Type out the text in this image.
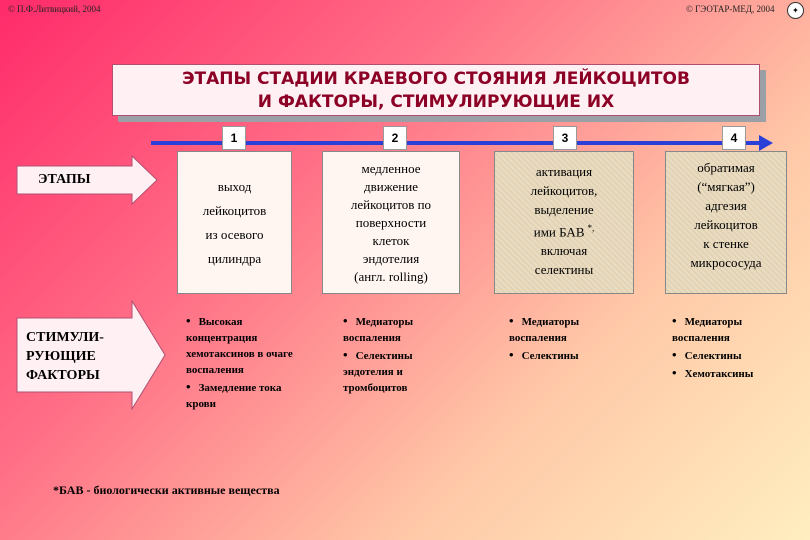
© П.Ф.Литвицкий, 2004	© ГЭОТАР-МЕД, 2004	✦
ЭТАПЫ СТАДИИ КРАЕВОГО СТОЯНИЯ ЛЕЙКОЦИТОВ
И ФАКТОРЫ, СТИМУЛИРУЮЩИЕ ИХ
1	2	3	4
ЭТАПЫ
СТИМУЛИ-
РУЮЩИЕ
ФАКТОРЫ
выход
лейкоцитов
из осевого
цилиндра
медленное
движение
лейкоцитов по
поверхности
клеток
эндотелия
(англ. rolling)
активация
лейкоцитов,
выделение
ими БАВ *,
включая
селектины
обратимая
(“мягкая”)
адгезия
лейкоцитов
к стенке
микрососуда
• Высокая концентрация хемотаксинов в очаге воспаления
• Замедление тока крови
• Медиаторы воспаления
• Селектины эндотелия и тромбоцитов
• Медиаторы воспаления
• Селектины
• Медиаторы воспаления
• Селектины
• Хемотаксины
*БАВ - биологически активные вещества
